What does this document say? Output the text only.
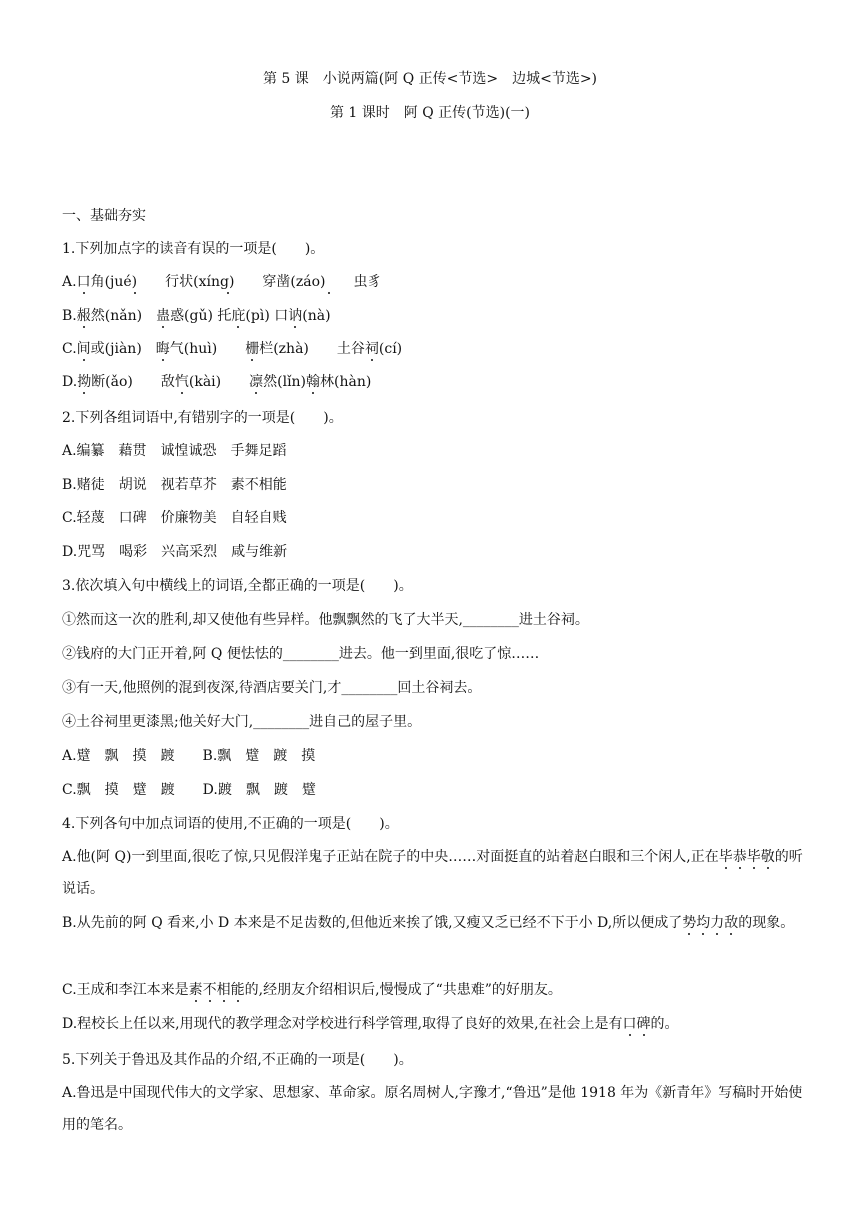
第 5 课　小说两篇(阿 Q 正传<节选>　边城<节选>)
第 1 课时　阿 Q 正传(节选)(一)
一、基础夯实
1.下列加点字的读音有误的一项是(　　)。
A.口角(jué)　　行状(xíng)　　穿凿(záo)　　虫豸
B.赧然(nǎn)　蛊惑(gǔ) 托庇(pì) 口讷(nà)
C.间或(jiàn)　晦气(huì)　　栅栏(zhà)　　土谷祠(cí)
D.拗断(ǎo)　　敌忾(kài)　　凛然(lǐn)翰林(hàn)
2.下列各组词语中,有错别字的一项是(　　)。
A.编纂　藉贯　诚惶诚恐　手舞足蹈
B.赌徒　胡说　视若草芥　素不相能
C.轻蔑　口碑　价廉物美　自轻自贱
D.咒骂　喝彩　兴高采烈　咸与维新
3.依次填入句中横线上的词语,全都正确的一项是(　　)。
①然而这一次的胜利,却又使他有些异样。他飘飘然的飞了大半天,________进土谷祠。
②钱府的大门正开着,阿 Q 便怯怯的________进去。他一到里面,很吃了惊……
③有一天,他照例的混到夜深,待酒店要关门,才________回土谷祠去。
④土谷祠里更漆黑;他关好大门,________进自己的屋子里。
A.躄　飘　摸　踱　　B.飘　躄　踱　摸
C.飘　摸　躄　踱　　D.踱　飘　踱　躄
4.下列各句中加点词语的使用,不正确的一项是(　　)。
A.他(阿 Q)一到里面,很吃了惊,只见假洋鬼子正站在院子的中央……对面挺直的站着赵白眼和三个闲人,正在毕恭毕敬的听说话。
B.从先前的阿 Q 看来,小 D 本来是不足齿数的,但他近来挨了饿,又瘦又乏已经不下于小 D,所以便成了势均力敌的现象。
C.王成和李江本来是素不相能的,经朋友介绍相识后,慢慢成了“共患难”的好朋友。
D.程校长上任以来,用现代的教学理念对学校进行科学管理,取得了良好的效果,在社会上是有口碑的。
5.下列关于鲁迅及其作品的介绍,不正确的一项是(　　)。
A.鲁迅是中国现代伟大的文学家、思想家、革命家。原名周树人,字豫才,“鲁迅”是他 1918 年为《新青年》写稿时开始使用的笔名。
